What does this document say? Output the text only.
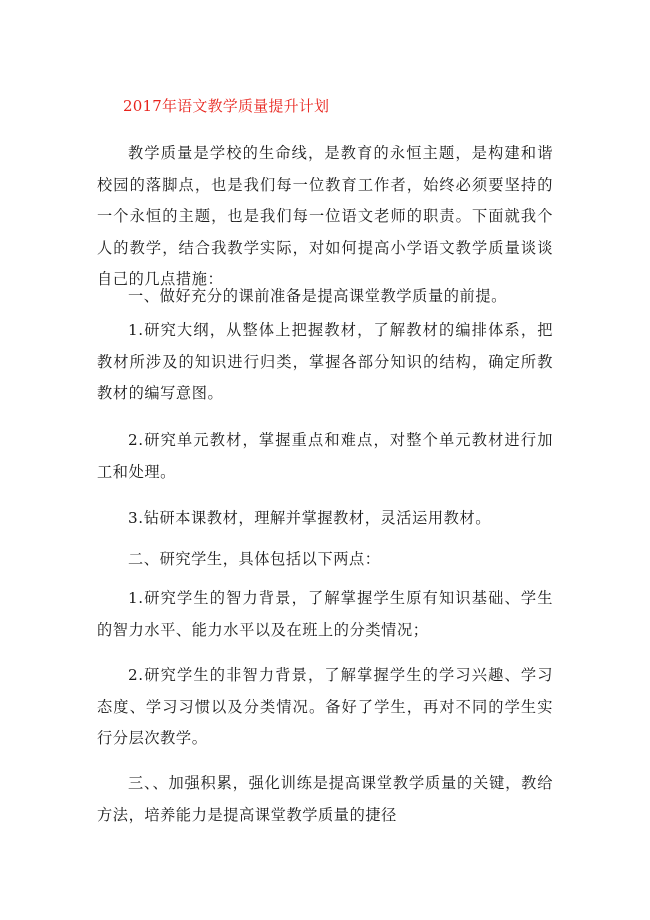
2017年语文教学质量提升计划

教学质量是学校的生命线，是教育的永恒主题，是构建和谐校园的落脚点，也是我们每一位教育工作者，始终必须要坚持的一个永恒的主题，也是我们每一位语文老师的职责。下面就我个人的教学，结合我教学实际，对如何提高小学语文教学质量谈谈自己的几点措施：

一、做好充分的课前准备是提高课堂教学质量的前提。

1.研究大纲，从整体上把握教材，了解教材的编排体系，把教材所涉及的知识进行归类，掌握各部分知识的结构，确定所教教材的编写意图。

2.研究单元教材，掌握重点和难点，对整个单元教材进行加工和处理。

3.钻研本课教材，理解并掌握教材，灵活运用教材。

二、研究学生，具体包括以下两点：

1.研究学生的智力背景，了解掌握学生原有知识基础、学生的智力水平、能力水平以及在班上的分类情况；

2.研究学生的非智力背景，了解掌握学生的学习兴趣、学习态度、学习习惯以及分类情况。备好了学生，再对不同的学生实行分层次教学。

三、、加强积累，强化训练是提高课堂教学质量的关键，教给方法，培养能力是提高课堂教学质量的捷径
